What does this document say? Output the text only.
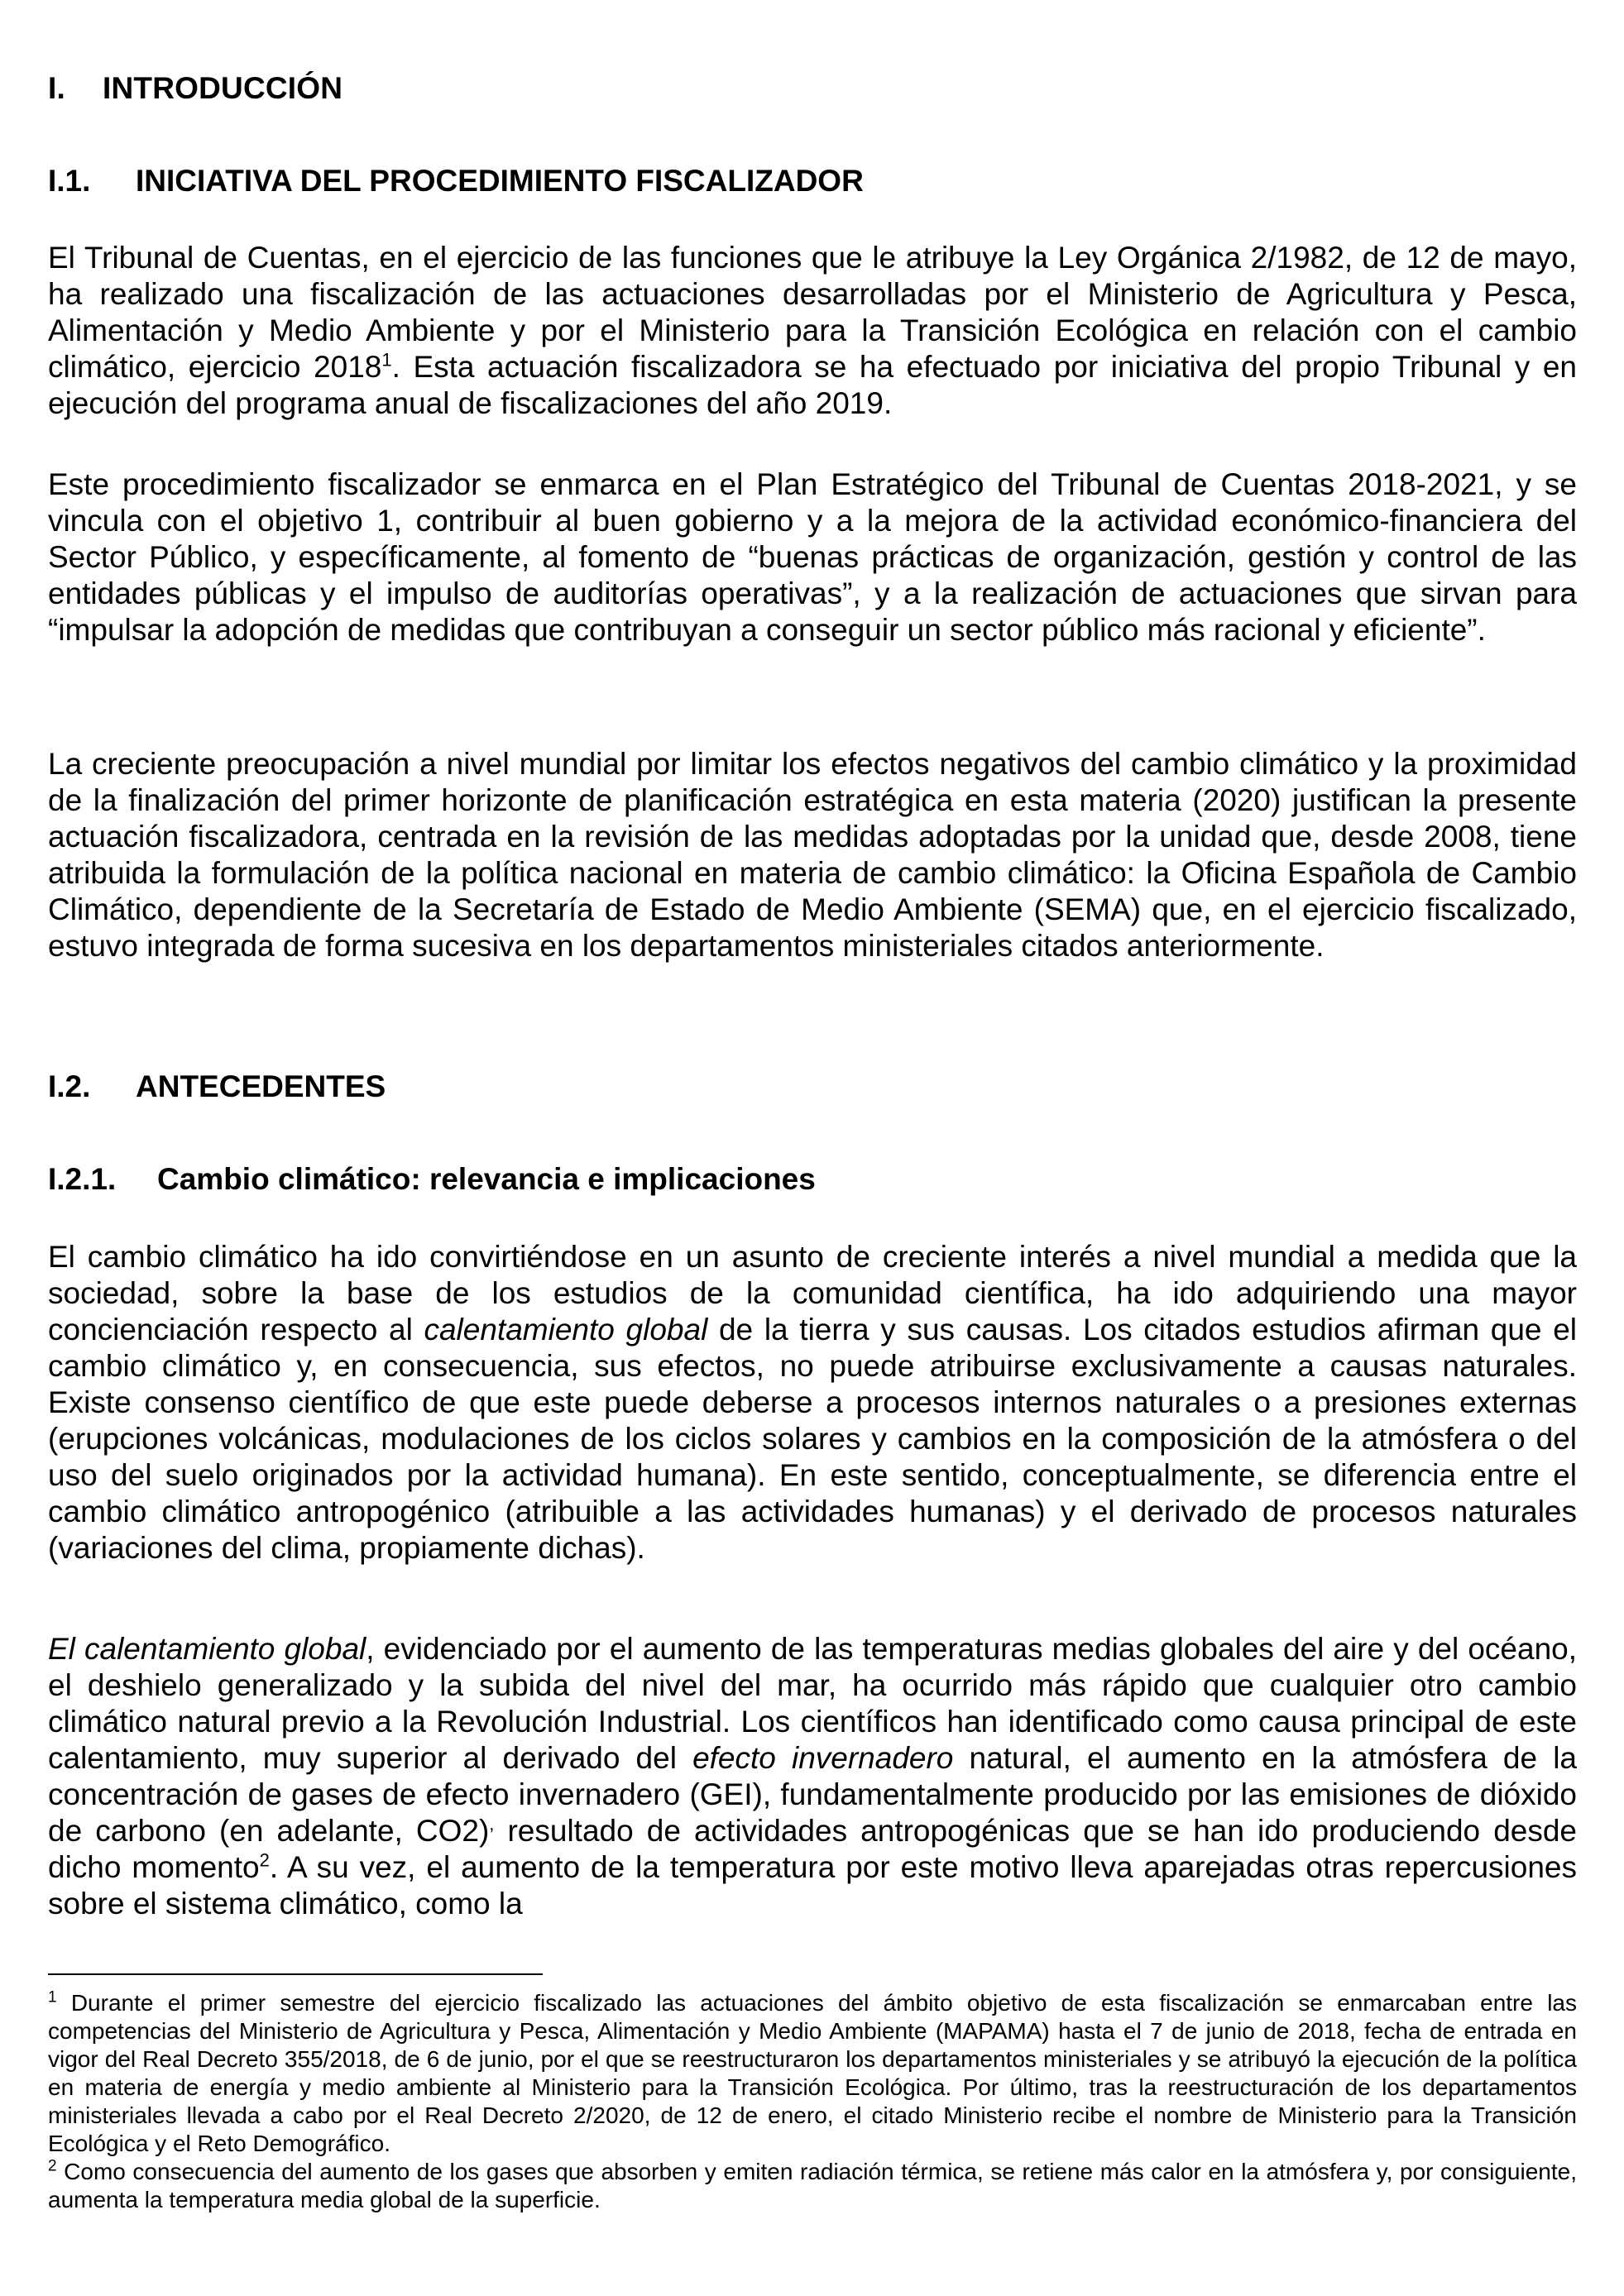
I. INTRODUCCIÓN
I.1. INICIATIVA DEL PROCEDIMIENTO FISCALIZADOR

El Tribunal de Cuentas, en el ejercicio de las funciones que le atribuye la Ley Orgánica 2/1982, de 12 de mayo, ha realizado una fiscalización de las actuaciones desarrolladas por el Ministerio de Agricultura y Pesca, Alimentación y Medio Ambiente y por el Ministerio para la Transición Ecológica en relación con el cambio climático, ejercicio 2018$^1$. Esta actuación fiscalizadora se ha efectuado por iniciativa del propio Tribunal y en ejecución del programa anual de fiscalizaciones del año 2019.

Este procedimiento fiscalizador se enmarca en el Plan Estratégico del Tribunal de Cuentas 2018-2021, y se vincula con el objetivo 1, contribuir al buen gobierno y a la mejora de la actividad económico-financiera del Sector Público, y específicamente, al fomento de “buenas prácticas de organización, gestión y control de las entidades públicas y el impulso de auditorías operativas”, y a la realización de actuaciones que sirvan para “impulsar la adopción de medidas que contribuyan a conseguir un sector público más racional y eficiente”.

La creciente preocupación a nivel mundial por limitar los efectos negativos del cambio climático y la proximidad de la finalización del primer horizonte de planificación estratégica en esta materia (2020) justifican la presente actuación fiscalizadora, centrada en la revisión de las medidas adoptadas por la unidad que, desde 2008, tiene atribuida la formulación de la política nacional en materia de cambio climático: la Oficina Española de Cambio Climático, dependiente de la Secretaría de Estado de Medio Ambiente (SEMA) que, en el ejercicio fiscalizado, estuvo integrada de forma sucesiva en los departamentos ministeriales citados anteriormente.

I.2. ANTECEDENTES
I.2.1. Cambio climático: relevancia e implicaciones

El cambio climático ha ido convirtiéndose en un asunto de creciente interés a nivel mundial a medida que la sociedad, sobre la base de los estudios de la comunidad científica, ha ido adquiriendo una mayor concienciación respecto al calentamiento global de la tierra y sus causas. Los citados estudios afirman que el cambio climático y, en consecuencia, sus efectos, no puede atribuirse exclusivamente a causas naturales. Existe consenso científico de que este puede deberse a procesos internos naturales o a presiones externas (erupciones volcánicas, modulaciones de los ciclos solares y cambios en la composición de la atmósfera o del uso del suelo originados por la actividad humana). En este sentido, conceptualmente, se diferencia entre el cambio climático antropogénico (atribuible a las actividades humanas) y el derivado de procesos naturales (variaciones del clima, propiamente dichas).

El calentamiento global, evidenciado por el aumento de las temperaturas medias globales del aire y del océano, el deshielo generalizado y la subida del nivel del mar, ha ocurrido más rápido que cualquier otro cambio climático natural previo a la Revolución Industrial. Los científicos han identificado como causa principal de este calentamiento, muy superior al derivado del efecto invernadero natural, el aumento en la atmósfera de la concentración de gases de efecto invernadero (GEI), fundamentalmente producido por las emisiones de dióxido de carbono (en adelante, CO2), resultado de actividades antropogénicas que se han ido produciendo desde dicho momento$^2$. A su vez, el aumento de la temperatura por este motivo lleva aparejadas otras repercusiones sobre el sistema climático, como la

$^1$ Durante el primer semestre del ejercicio fiscalizado las actuaciones del ámbito objetivo de esta fiscalización se enmarcaban entre las competencias del Ministerio de Agricultura y Pesca, Alimentación y Medio Ambiente (MAPAMA) hasta el 7 de junio de 2018, fecha de entrada en vigor del Real Decreto 355/2018, de 6 de junio, por el que se reestructuraron los departamentos ministeriales y se atribuyó la ejecución de la política en materia de energía y medio ambiente al Ministerio para la Transición Ecológica. Por último, tras la reestructuración de los departamentos ministeriales llevada a cabo por el Real Decreto 2/2020, de 12 de enero, el citado Ministerio recibe el nombre de Ministerio para la Transición Ecológica y el Reto Demográfico.

$^2$ Como consecuencia del aumento de los gases que absorben y emiten radiación térmica, se retiene más calor en la atmósfera y, por consiguiente, aumenta la temperatura media global de la superficie.
